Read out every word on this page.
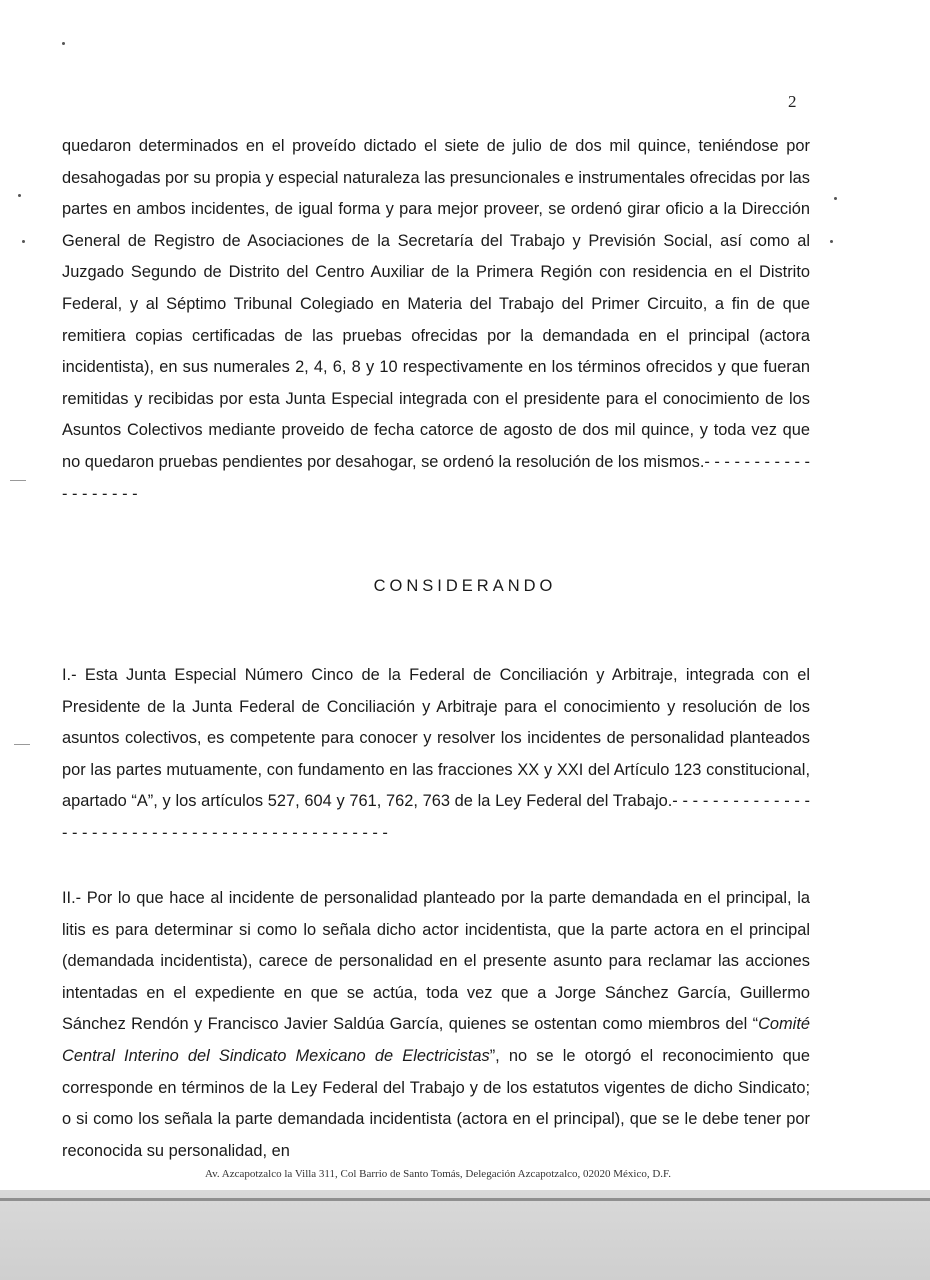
2

quedaron determinados en el proveído dictado el siete de julio de dos mil quince, teniéndose por desahogadas por su propia y especial naturaleza las presuncionales e instrumentales ofrecidas por las partes en ambos incidentes, de igual forma y para mejor proveer, se ordenó girar oficio a la Dirección General de Registro de Asociaciones de la Secretaría del Trabajo y Previsión Social, así como al Juzgado Segundo de Distrito del Centro Auxiliar de la Primera Región con residencia en el Distrito Federal, y al Séptimo Tribunal Colegiado en Materia del Trabajo del Primer Circuito, a fin de que remitiera copias certificadas de las pruebas ofrecidas por la demandada en el principal (actora incidentista), en sus numerales 2, 4, 6, 8 y 10 respectivamente en los términos ofrecidos y que fueran remitidas y recibidas por esta Junta Especial integrada con el presidente para el conocimiento de los Asuntos Colectivos mediante proveido de fecha catorce de agosto de dos mil quince, y toda vez que no quedaron pruebas pendientes por desahogar, se ordenó la resolución de los mismos.- - - - - - - - - - - - - - - - - - -

CONSIDERANDO

I.- Esta Junta Especial Número Cinco de la Federal de Conciliación y Arbitraje, integrada con el Presidente de la Junta Federal de Conciliación y Arbitraje para el conocimiento y resolución de los asuntos colectivos, es competente para conocer y resolver los incidentes de personalidad planteados por las partes mutuamente, con fundamento en las fracciones XX y XXI del Artículo 123 constitucional, apartado “A”, y los artículos 527, 604 y 761, 762, 763 de la Ley Federal del Trabajo.- - - - - - - - - - - - - - - - - - - - - - - - - - - - - - - - - - - - - - - - - - - - - - -

II.- Por lo que hace al incidente de personalidad planteado por la parte demandada en el principal, la litis es para determinar si como lo señala dicho actor incidentista, que la parte actora en el principal (demandada incidentista), carece de personalidad en el presente asunto para reclamar las acciones intentadas en el expediente en que se actúa, toda vez que a Jorge Sánchez García, Guillermo Sánchez Rendón y Francisco Javier Saldúa García, quienes se ostentan como miembros del “Comité Central Interino del Sindicato Mexicano de Electricistas”, no se le otorgó el reconocimiento que corresponde en términos de la Ley Federal del Trabajo y de los estatutos vigentes de dicho Sindicato; o si como los señala la parte demandada incidentista (actora en el principal), que se le debe tener por reconocida su personalidad, en

Av. Azcapotzalco la Villa 311, Col Barrio de Santo Tomás, Delegación Azcapotzalco, 02020 México, D.F.
